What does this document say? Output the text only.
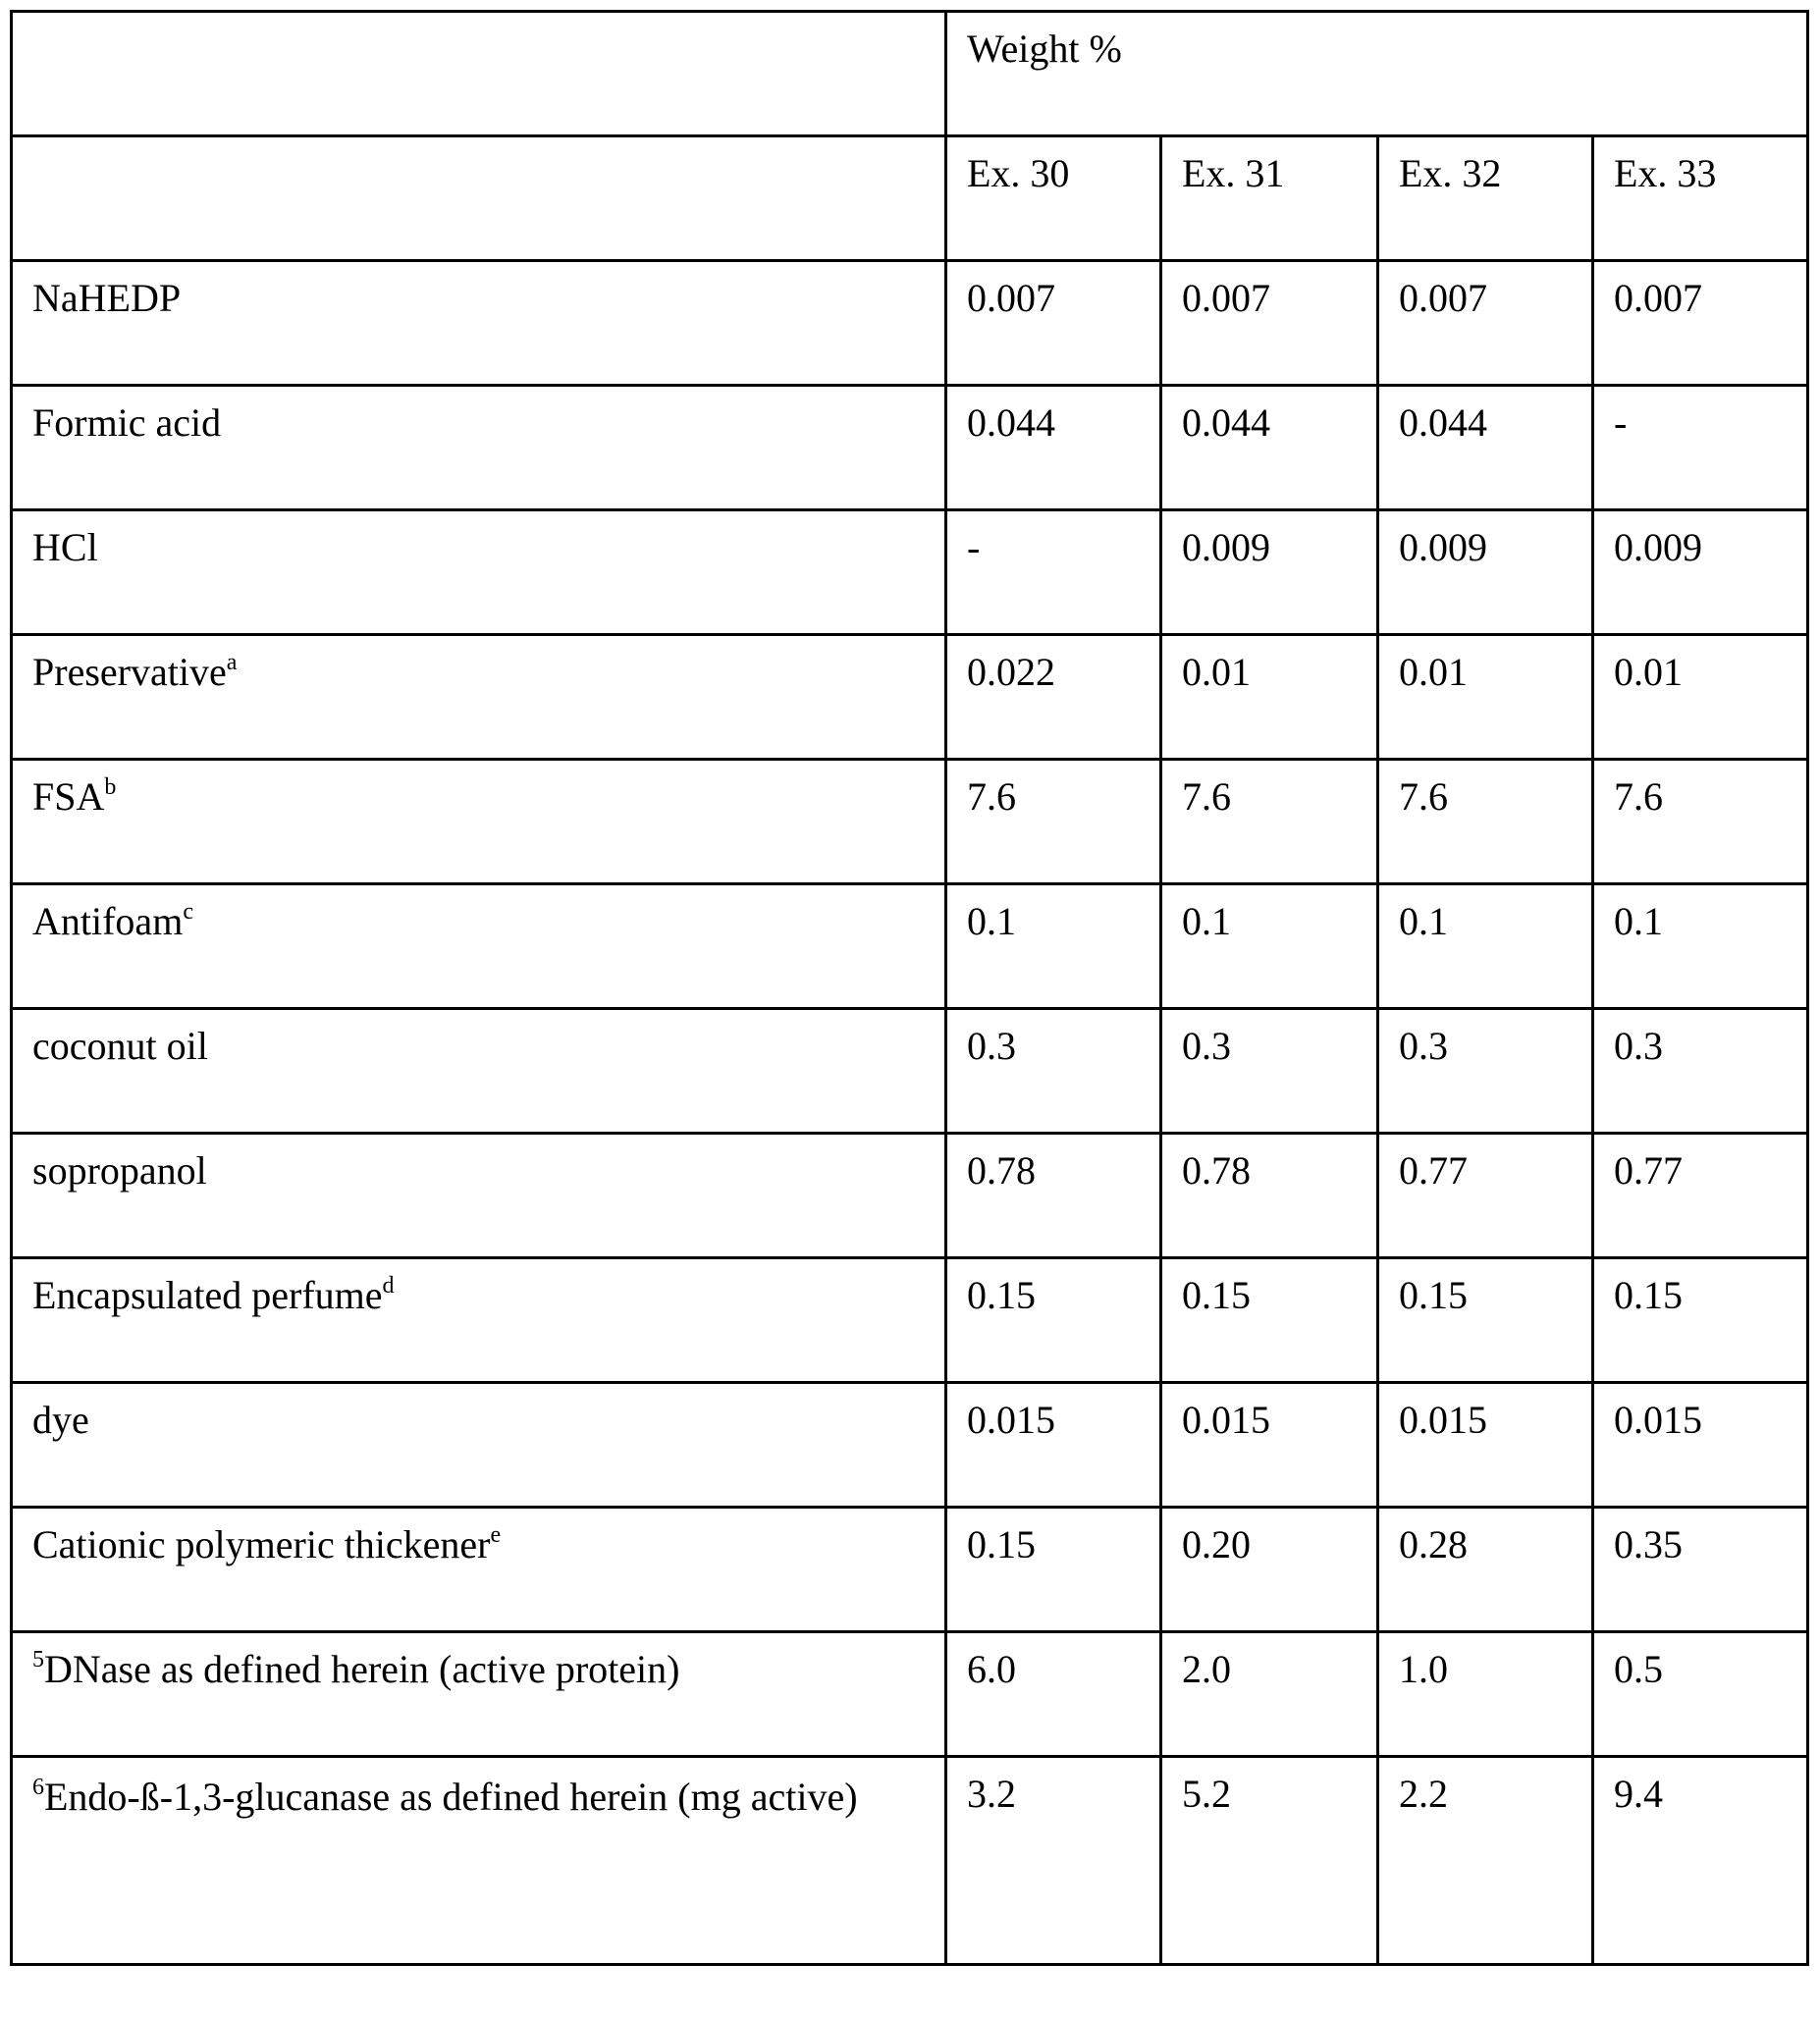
	Weight %			
	Ex. 30	Ex. 31	Ex. 32	Ex. 33
NaHEDP	0.007	0.007	0.007	0.007
Formic acid	0.044	0.044	0.044	-
HCl	-	0.009	0.009	0.009
Preservative$^a$	0.022	0.01	0.01	0.01
FSA$^b$	7.6	7.6	7.6	7.6
Antifoam$^c$	0.1	0.1	0.1	0.1
coconut oil	0.3	0.3	0.3	0.3
sopropanol	0.78	0.78	0.77	0.77
Encapsulated perfume$^d$	0.15	0.15	0.15	0.15
dye	0.015	0.015	0.015	0.015
Cationic polymeric thickener$^e$	0.15	0.20	0.28	0.35
$^5$DNase as defined herein (active protein)	6.0	2.0	1.0	0.5
$^6$Endo-ß-1,3-glucanase as defined herein (mg active)	3.2	5.2	2.2	9.4
